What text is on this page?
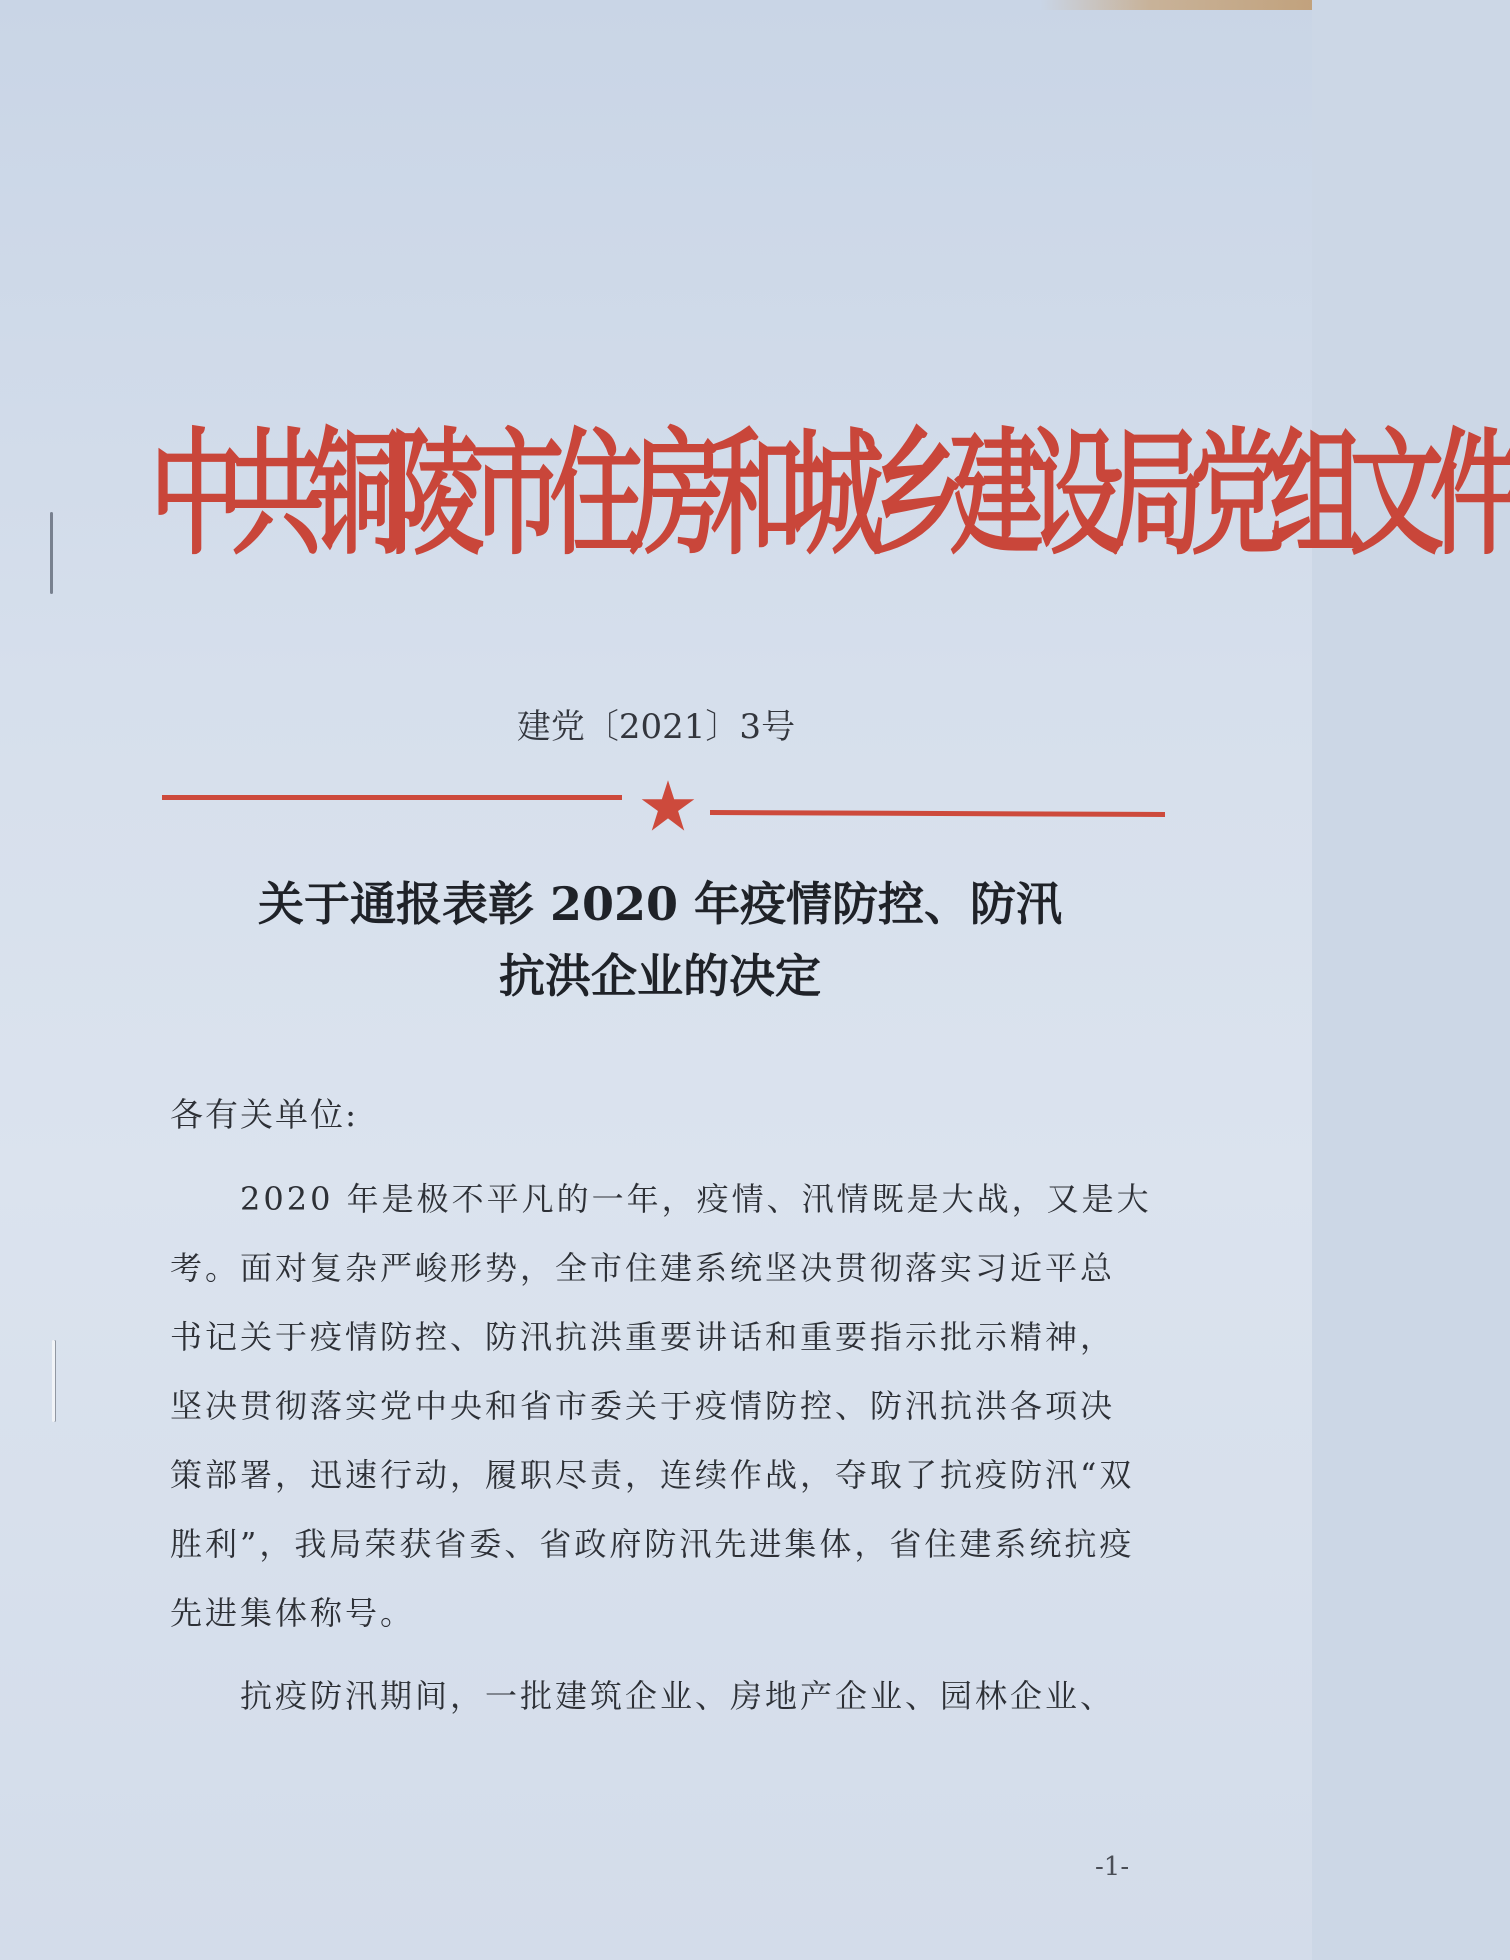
中共铜陵市住房和城乡建设局党组文件
建党〔2021〕3号
关于通报表彰 2020 年疫情防控、防汛
抗洪企业的决定
各有关单位:
　　2020 年是极不平凡的一年，疫情、汛情既是大战，又是大
考。面对复杂严峻形势，全市住建系统坚决贯彻落实习近平总
书记关于疫情防控、防汛抗洪重要讲话和重要指示批示精神，
坚决贯彻落实党中央和省市委关于疫情防控、防汛抗洪各项决
策部署，迅速行动，履职尽责，连续作战，夺取了抗疫防汛“双
胜利”，我局荣获省委、省政府防汛先进集体，省住建系统抗疫
先进集体称号。
　　抗疫防汛期间，一批建筑企业、房地产企业、园林企业、
-1-
